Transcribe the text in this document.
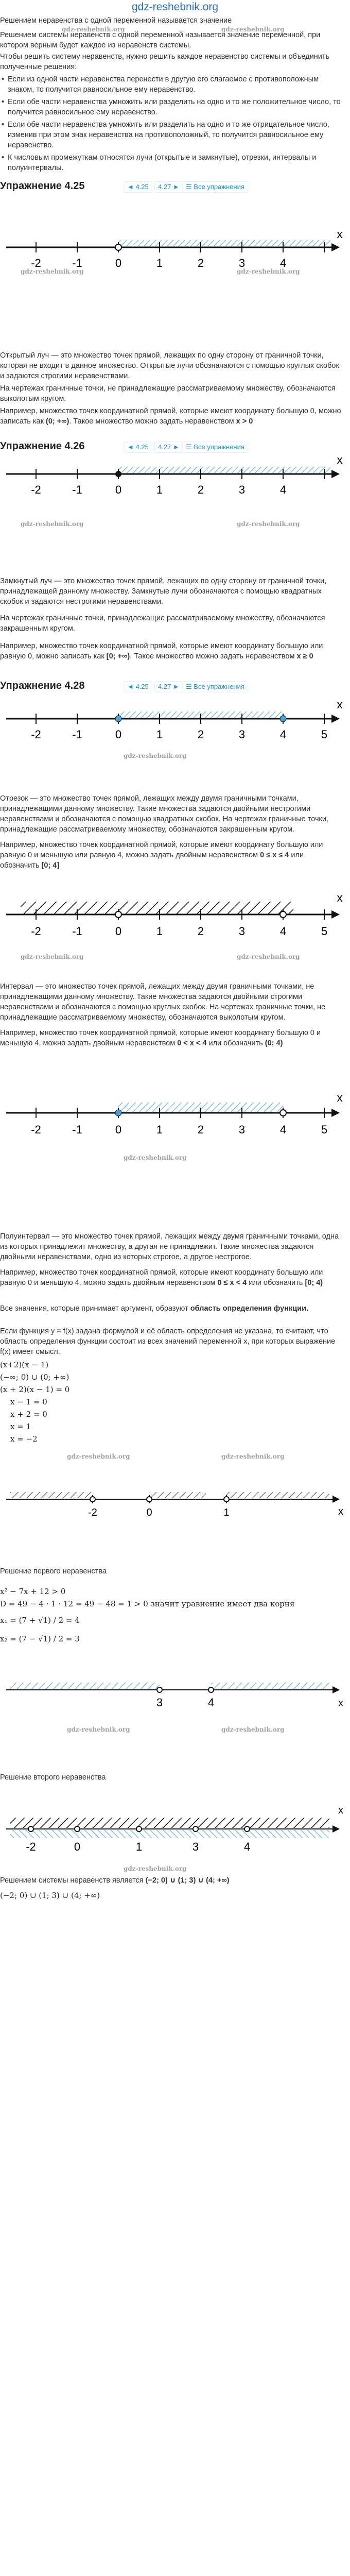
gdz-reshebnik.org
Решением неравенства с одной переменной называется значение
Решением системы неравенств с одной переменной называется значение переменной, при котором верным будет каждое из неравенств системы.
Чтобы решить систему неравенств, нужно решить каждое неравенство системы и объединить полученные решения:
• Если из одной части неравенства перенести в другую его слагаемое с противоположным знаком, то получится равносильное ему неравенство.
• Если обе части неравенства умножить или разделить на одно и то же положительное число, то получится равносильное ему неравенство.
• Если обе части неравенства умножить или разделить на одно и то же отрицательное число, изменив при этом знак неравенства на противоположный, то получится равносильное ему неравенство.
• К числовым промежуткам относятся лучи (открытые и замкнутые), отрезки, интервалы и полуинтервалы.
Упражнение 4.25	◄ 4.25	4.27 ► ☰ Все упражнения
-2	-1	0	1	2	3	4
x
Открытый луч — это множество точек прямой, лежащих по одну сторону от граничной точки, которая не входит в данное множество. Открытые лучи обозначаются с помощью круглых скобок и задаются строгими неравенствами.
На чертежах граничные точки, не принадлежащие рассматриваемому множеству, обозначаются выколотым кругом.
Например, множество точек координатной прямой, которые имеют координату большую 0, можно записать как (0; +∞). Такое множество можно задать неравенством x > 0
Упражнение 4.26	◄ 4.25	4.27 ► ☰ Все упражнения
-2	-1	0	1	2	3	4
x
Замкнутый луч — это множество точек прямой, лежащих по одну сторону от граничной точки, принадлежащей данному множеству. Замкнутые лучи обозначаются с помощью квадратных скобок и задаются нестрогими неравенствами.
На чертежах граничные точки, принадлежащие рассматриваемому множеству, обозначаются закрашенным кругом.
Например, множество точек координатной прямой, которые имеют координату большую или равную 0, можно записать как [0; +∞). Такое множество можно задать неравенством x ≥ 0
Упражнение 4.28	◄ 4.25	4.27 ► ☰ Все упражнения
-2	-1	0	1	2	3	4	5
x
Отрезок — это множество точек прямой, лежащих между двумя граничными точками, принадлежащими данному множеству. Такие множества задаются двойными нестрогими неравенствами и обозначаются с помощью квадратных скобок. На чертежах граничные точки, принадлежащие рассматриваемому множеству, обозначаются закрашенным кругом.
Например, множество точек координатной прямой, которые имеют координату большую или равную 0 и меньшую или равную 4, можно задать двойным неравенством 0 ≤ x ≤ 4 или обозначить [0; 4]
-2	-1	0	1	2	3	4	5
x
Интервал — это множество точек прямой, лежащих между двумя граничными точками, не принадлежащими данному множеству. Такие множества задаются двойными строгими неравенствами и обозначаются с помощью круглых скобок. На чертежах граничные точки, не принадлежащие рассматриваемому множеству, обозначаются выколотым кругом.
Например, множество точек координатной прямой, которые имеют координату большую 0 и меньшую 4, можно задать двойным неравенством 0 < x < 4 или обозначить (0; 4)
-2	-1	0	1	2	3	4	5
x
Полуинтервал — это множество точек прямой, лежащих между двумя граничными точками, одна из которых принадлежит множеству, а другая не принадлежит. Такие множества задаются двойными неравенствами, одно из которых строгое, а другое нестрогое.
Например, множество точек координатной прямой, которые имеют координату большую или равную 0 и меньшую 4, можно задать двойным неравенством 0 ≤ x < 4 или обозначить [0; 4)
Все значения, которые принимает аргумент, образуют область определения функции.
Если функция y = f(x) задана формулой и её область определения не указана, то считают, что область определения функции состоит из всех значений переменной x, при которых выражение f(x) имеет смысл.
(x+2)(x − 1)
(−∞; 0) ∪ (0; +∞)
(x + 2)(x − 1) = 0
x − 1 = 0
x + 2 = 0
x = 1
x = −2
-2	0	1	x
Решение первого неравенства
x² − 7x + 12 > 0
D = 49 − 4 · 1 · 12 = 49 − 48 = 1 > 0 значит уравнение имеет два корня
x₁ = (7 + √1) / 2 = 4
x₂ = (7 − √1) / 2 = 3
3	4	x
Решение второго неравенства
-2	0	1	3	4
x
Решением системы неравенств является (−2; 0) ∪ (1; 3) ∪ (4; +∞)
(−2; 0) ∪ (1; 3) ∪ (4; +∞)
gdz-reshebnik.org	gdz-reshebnik.org
gdz-reshebnik.org	gdz-reshebnik.org
gdz-reshebnik.org	gdz-reshebnik.org
gdz-reshebnik.org
gdz-reshebnik.org	gdz-reshebnik.org
gdz-reshebnik.org
gdz-reshebnik.org	gdz-reshebnik.org
gdz-reshebnik.org	gdz-reshebnik.org
gdz-reshebnik.org
